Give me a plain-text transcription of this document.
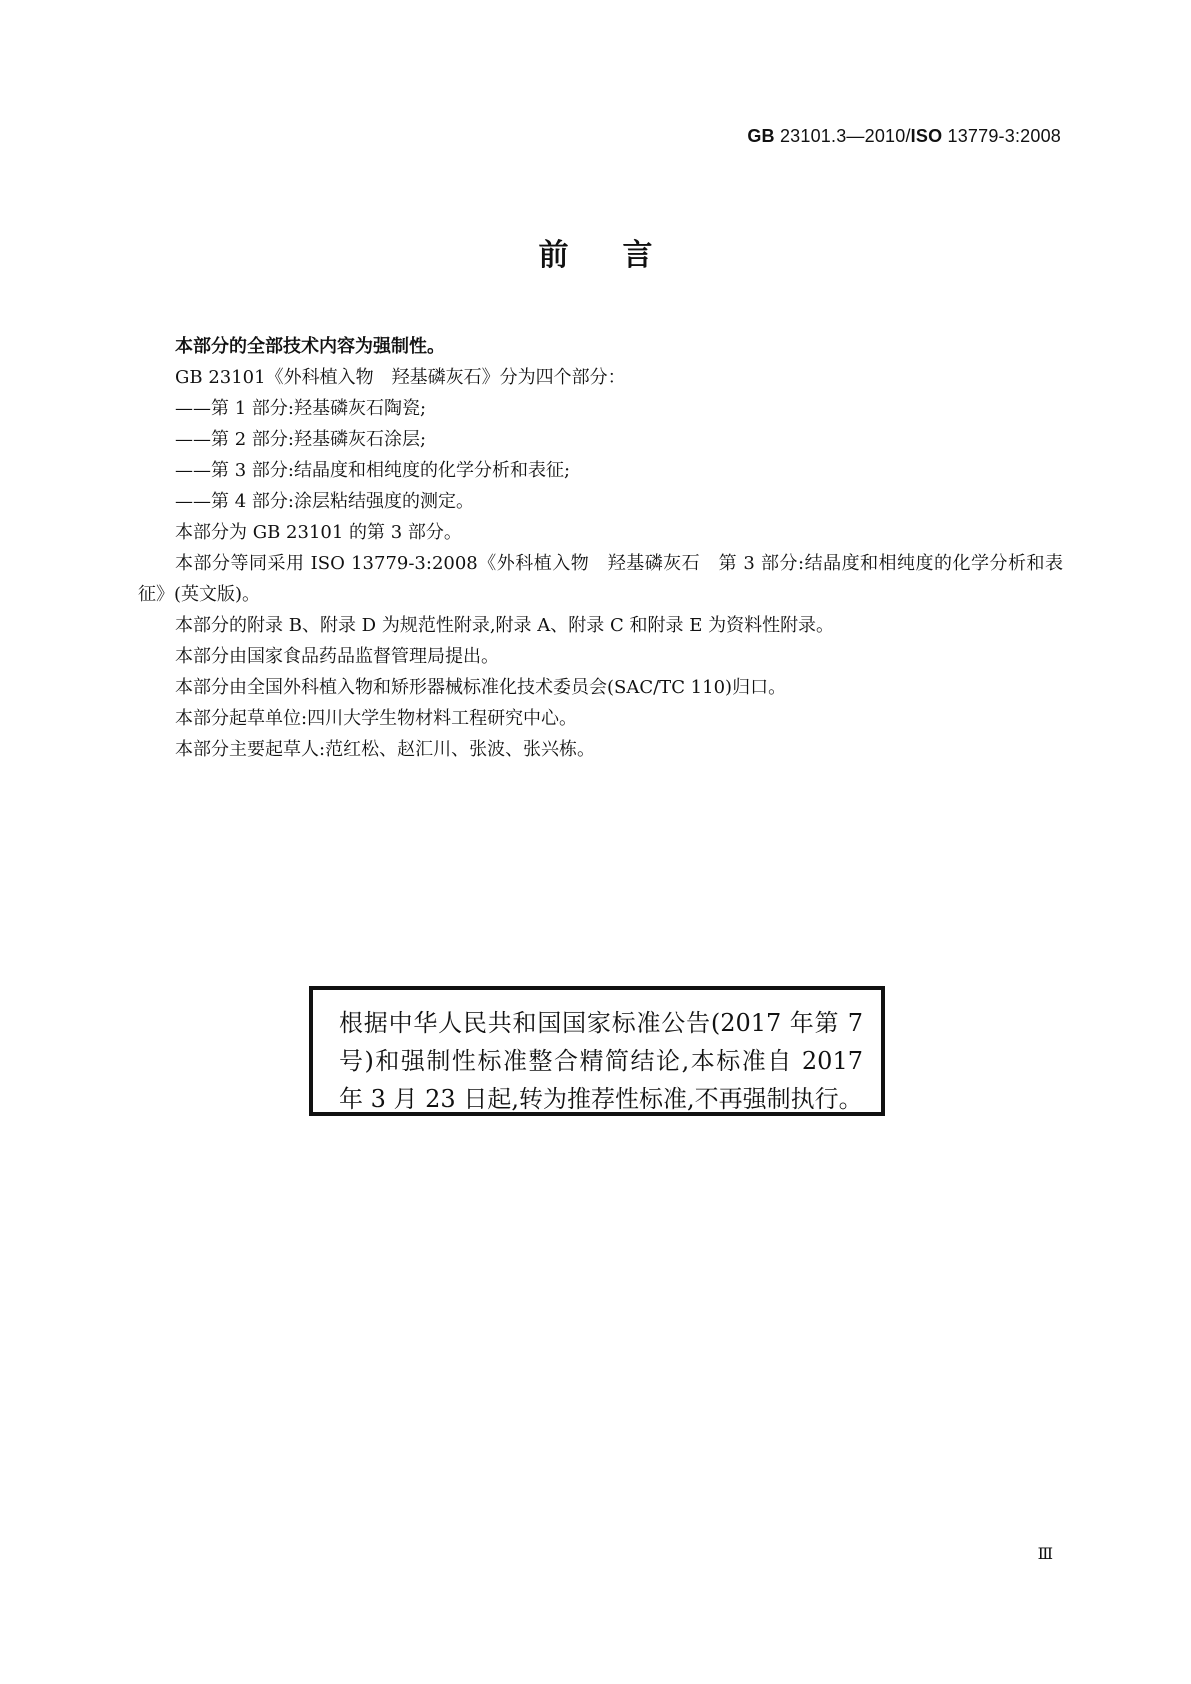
GB 23101.3—2010/ISO 13779-3:2008
前言

本部分的全部技术内容为强制性。

GB 23101《外科植入物　羟基磷灰石》分为四个部分：

——第 1 部分:羟基磷灰石陶瓷;

——第 2 部分:羟基磷灰石涂层;

——第 3 部分:结晶度和相纯度的化学分析和表征;

——第 4 部分:涂层粘结强度的测定。

本部分为 GB 23101 的第 3 部分。

本部分等同采用 ISO 13779-3:2008《外科植入物　羟基磷灰石　第 3 部分:结晶度和相纯度的化学分析和表征》(英文版)。

本部分的附录 B、附录 D 为规范性附录,附录 A、附录 C 和附录 E 为资料性附录。

本部分由国家食品药品监督管理局提出。

本部分由全国外科植入物和矫形器械标准化技术委员会(SAC/TC 110)归口。

本部分起草单位:四川大学生物材料工程研究中心。

本部分主要起草人:范红松、赵汇川、张波、张兴栋。

根据中华人民共和国国家标准公告(2017 年第 7 号)和强制性标准整合精简结论,本标准自 2017 年 3 月 23 日起,转为推荐性标准,不再强制执行。
Ⅲ
